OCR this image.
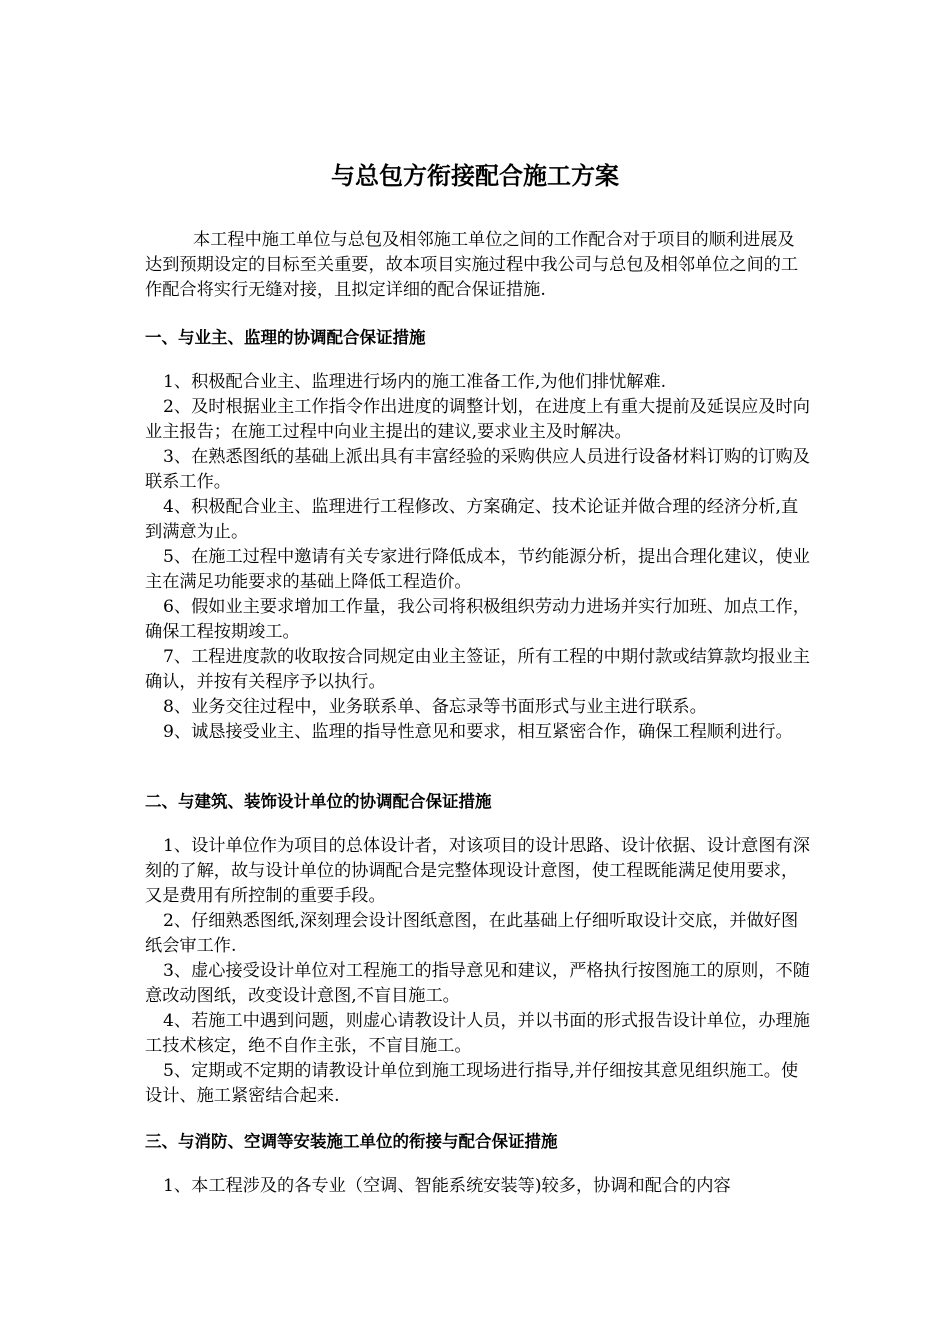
与总包方衔接配合施工方案

本工程中施工单位与总包及相邻施工单位之间的工作配合对于项目的顺利进展及达到预期设定的目标至关重要，故本项目实施过程中我公司与总包及相邻单位之间的工作配合将实行无缝对接，且拟定详细的配合保证措施.

一、与业主、监理的协调配合保证措施
1、积极配合业主、监理进行场内的施工准备工作,为他们排忧解难.
2、及时根据业主工作指令作出进度的调整计划，在进度上有重大提前及延误应及时向业主报告；在施工过程中向业主提出的建议,要求业主及时解决。
3、在熟悉图纸的基础上派出具有丰富经验的采购供应人员进行设备材料订购的订购及联系工作。
4、积极配合业主、监理进行工程修改、方案确定、技术论证并做合理的经济分析,直到满意为止。
5、在施工过程中邀请有关专家进行降低成本，节约能源分析，提出合理化建议，使业主在满足功能要求的基础上降低工程造价。
6、假如业主要求增加工作量，我公司将积极组织劳动力进场并实行加班、加点工作，确保工程按期竣工。
7、工程进度款的收取按合同规定由业主签证，所有工程的中期付款或结算款均报业主确认，并按有关程序予以执行。
8、业务交往过程中，业务联系单、备忘录等书面形式与业主进行联系。
9、诚恳接受业主、监理的指导性意见和要求，相互紧密合作，确保工程顺利进行。
二、与建筑、装饰设计单位的协调配合保证措施
1、设计单位作为项目的总体设计者，对该项目的设计思路、设计依据、设计意图有深刻的了解，故与设计单位的协调配合是完整体现设计意图，使工程既能满足使用要求，又是费用有所控制的重要手段。
2、仔细熟悉图纸,深刻理会设计图纸意图，在此基础上仔细听取设计交底，并做好图纸会审工作.
3、虚心接受设计单位对工程施工的指导意见和建议，严格执行按图施工的原则，不随意改动图纸，改变设计意图,不盲目施工。
4、若施工中遇到问题，则虚心请教设计人员，并以书面的形式报告设计单位，办理施工技术核定，绝不自作主张，不盲目施工。
5、定期或不定期的请教设计单位到施工现场进行指导,并仔细按其意见组织施工。使设计、施工紧密结合起来.
三、与消防、空调等安装施工单位的衔接与配合保证措施
1、本工程涉及的各专业（空调、智能系统安装等)较多，协调和配合的内容
